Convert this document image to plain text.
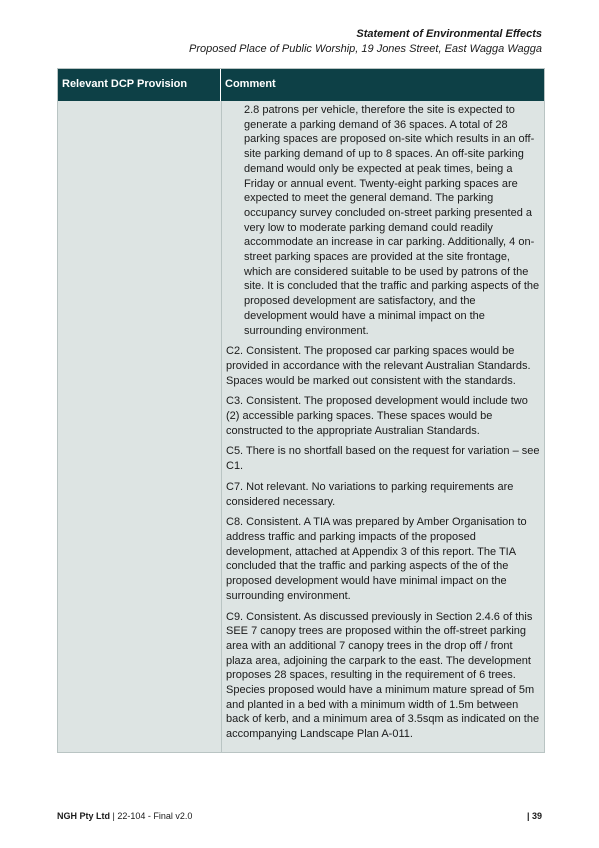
Statement of Environmental Effects
Proposed Place of Public Worship, 19 Jones Street, East Wagga Wagga
Relevant DCP Provision	Comment
2.8 patrons per vehicle, therefore the site is expected to generate a parking demand of 36 spaces. A total of 28 parking spaces are proposed on-site which results in an off-site parking demand of up to 8 spaces. An off-site parking demand would only be expected at peak times, being a Friday or annual event. Twenty-eight parking spaces are expected to meet the general demand. The parking occupancy survey concluded on-street parking presented a very low to moderate parking demand could readily accommodate an increase in car parking. Additionally, 4 on-street parking spaces are provided at the site frontage, which are considered suitable to be used by patrons of the site. It is concluded that the traffic and parking aspects of the proposed development are satisfactory, and the development would have a minimal impact on the surrounding environment.
C2. Consistent. The proposed car parking spaces would be provided in accordance with the relevant Australian Standards. Spaces would be marked out consistent with the standards.
C3. Consistent. The proposed development would include two (2) accessible parking spaces. These spaces would be constructed to the appropriate Australian Standards.
C5. There is no shortfall based on the request for variation – see C1.
C7. Not relevant. No variations to parking requirements are considered necessary.
C8. Consistent. A TIA was prepared by Amber Organisation to address traffic and parking impacts of the proposed development, attached at Appendix 3 of this report. The TIA concluded that the traffic and parking aspects of the of the proposed development would have minimal impact on the surrounding environment.
C9. Consistent. As discussed previously in Section 2.4.6 of this SEE 7 canopy trees are proposed within the off-street parking area with an additional 7 canopy trees in the drop off / front plaza area, adjoining the carpark to the east. The development proposes 28 spaces, resulting in the requirement of 6 trees. Species proposed would have a minimum mature spread of 5m and planted in a bed with a minimum width of 1.5m between back of kerb, and a minimum area of 3.5sqm as indicated on the accompanying Landscape Plan A-011.
NGH Pty Ltd | 22-104 - Final v2.0	| 39
